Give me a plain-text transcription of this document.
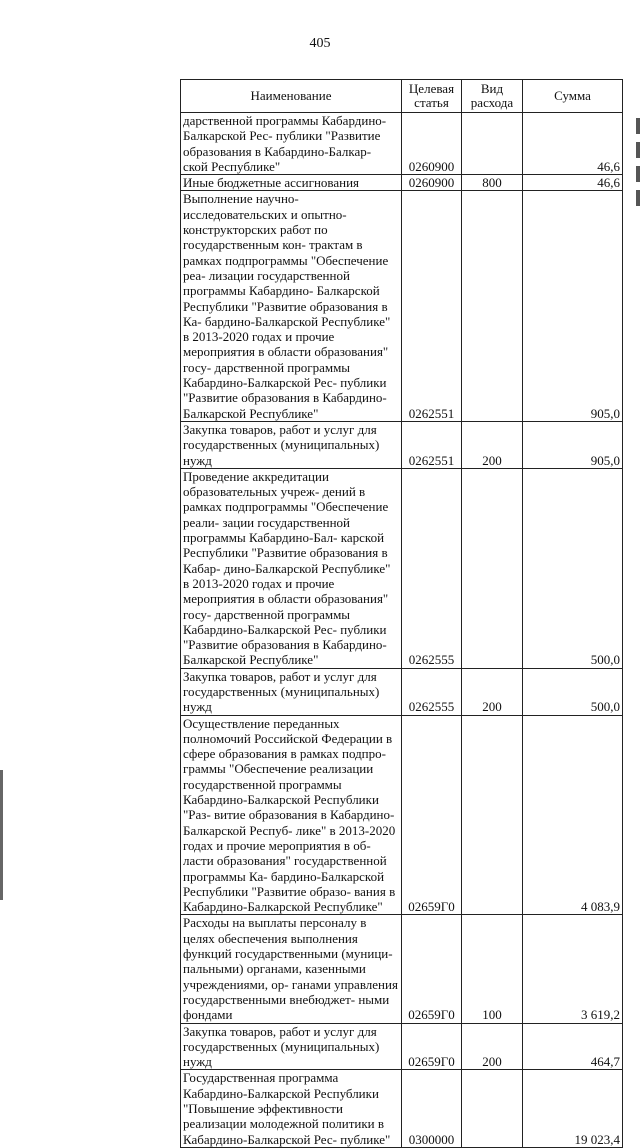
405
Наименование	Целевая статья	Вид расхода	Сумма
дарственной программы Кабардино-Балкарской Рес- публики "Развитие образования в Кабардино-Балкар- ской Республике"	0260900		46,6
Иные бюджетные ассигнования	0260900	800	46,6
Выполнение научно-исследовательских и опытно- конструкторских работ по государственным кон- трактам в рамках подпрограммы "Обеспечение реа- лизации государственной программы Кабардино- Балкарской Республики "Развитие образования в Ка- бардино-Балкарской Республике" в 2013-2020 годах и прочие мероприятия в области образования" госу- дарственной программы Кабардино-Балкарской Рес- публики "Развитие образования в Кабардино- Балкарской Республике"	0262551		905,0
Закупка товаров, работ и услуг для государственных (муниципальных) нужд	0262551	200	905,0
Проведение аккредитации образовательных учреж- дений в рамках подпрограммы "Обеспечение реали- зации государственной программы Кабардино-Бал- карской Республики "Развитие образования в Кабар- дино-Балкарской Республике" в 2013-2020 годах и прочие мероприятия в области образования" госу- дарственной программы Кабардино-Балкарской Рес- публики "Развитие образования в Кабардино- Балкарской Республике"	0262555		500,0
Закупка товаров, работ и услуг для государственных (муниципальных) нужд	0262555	200	500,0
Осуществление переданных полномочий Российской Федерации в сфере образования в рамках подпро- граммы "Обеспечение реализации государственной программы Кабардино-Балкарской Республики "Раз- витие образования в Кабардино-Балкарской Респуб- лике" в 2013-2020 годах и прочие мероприятия в об- ласти образования" государственной программы Ка- бардино-Балкарской Республики "Развитие образо- вания в Кабардино-Балкарской Республике"	02659Г0		4 083,9
Расходы на выплаты персоналу в целях обеспечения выполнения функций государственными (муници- пальными) органами, казенными учреждениями, ор- ганами управления государственными внебюджет- ными фондами	02659Г0	100	3 619,2
Закупка товаров, работ и услуг для государственных (муниципальных) нужд	02659Г0	200	464,7
Государственная программа Кабардино-Балкарской Республики "Повышение эффективности реализации молодежной политики в Кабардино-Балкарской Рес- публике"	0300000		19 023,4
